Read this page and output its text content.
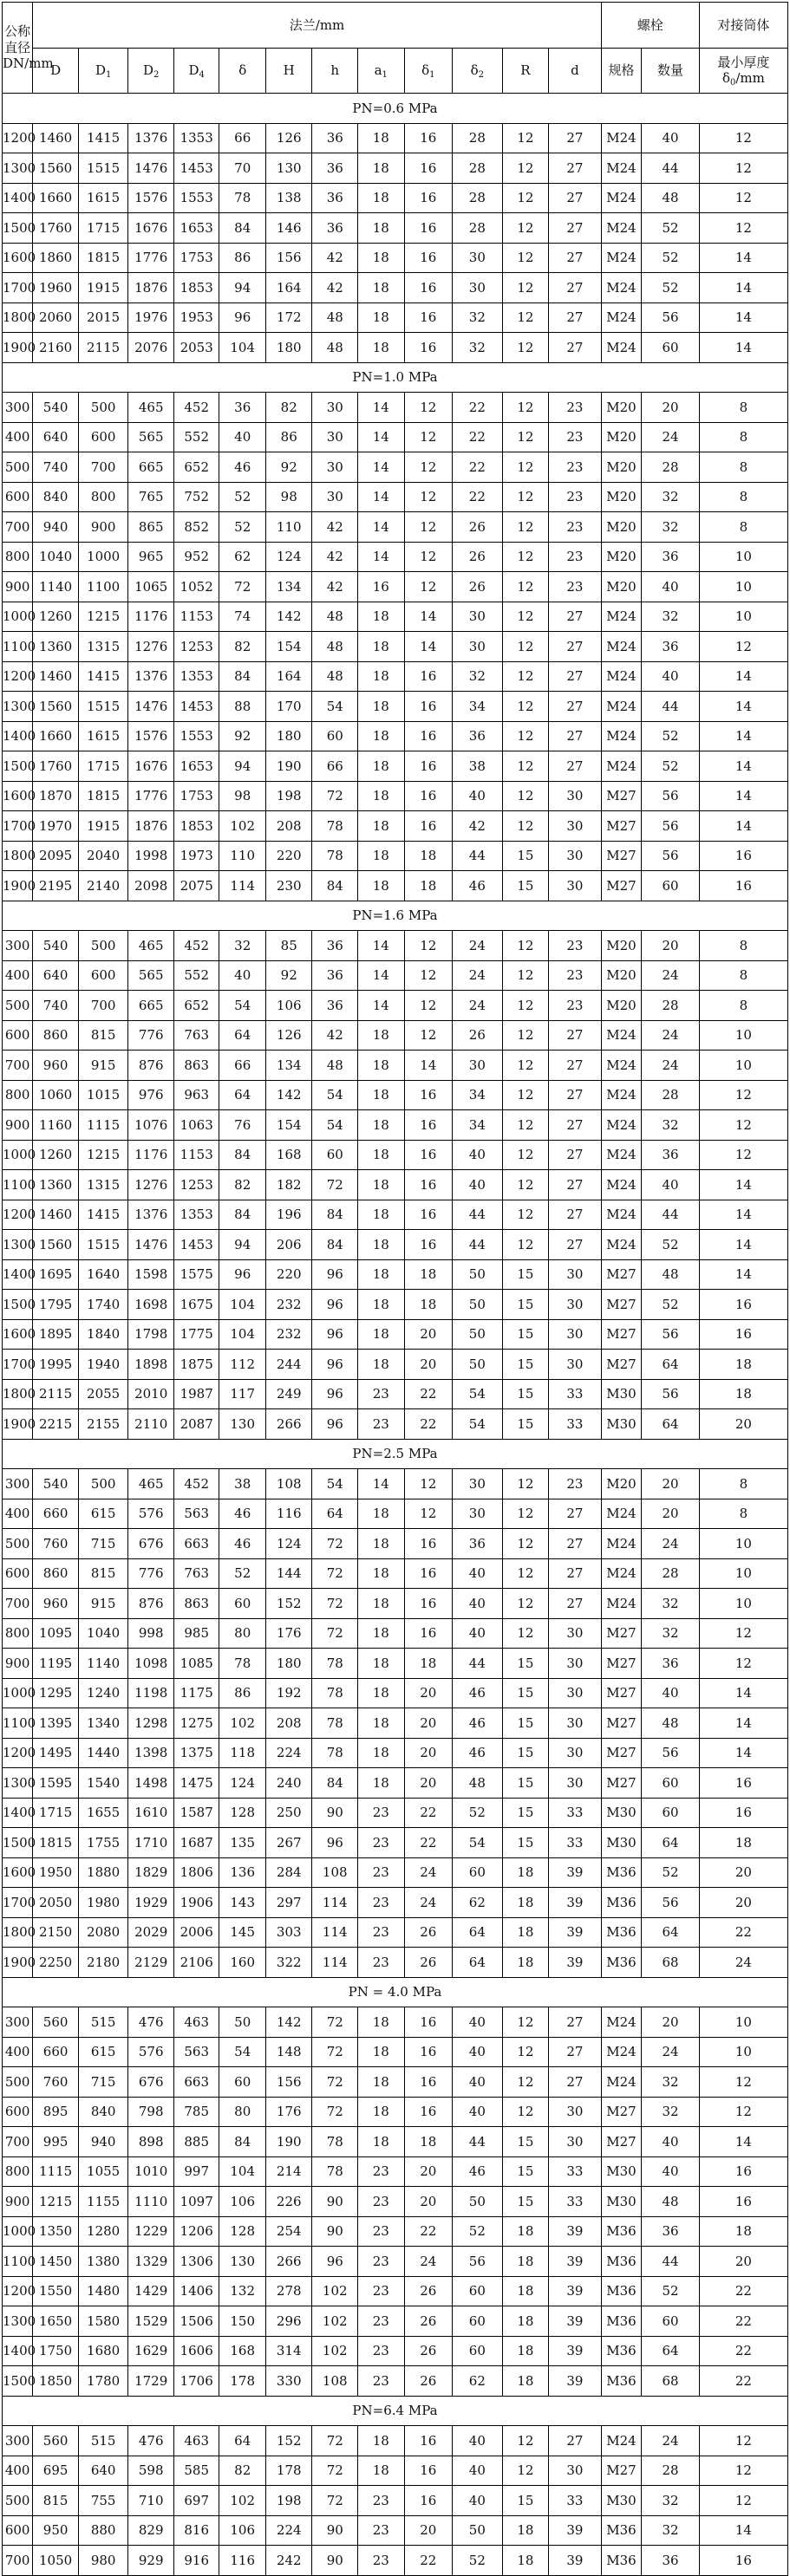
公称直径DN/mm	法兰/mm												螺栓		对接筒体
	D	$D_1$	$D_2$	$D_4$	δ	H	h	$a_1$	$\delta_1$	$\delta_2$	R	d	规格	数量	最小厚度
$\delta_0/mm$
PN=0.6 MPa															
1200	1460	1415	1376	1353	66	126	36	18	16	28	12	27	M24	40	12
1300	1560	1515	1476	1453	70	130	36	18	16	28	12	27	M24	44	12
1400	1660	1615	1576	1553	78	138	36	18	16	28	12	27	M24	48	12
1500	1760	1715	1676	1653	84	146	36	18	16	28	12	27	M24	52	12
1600	1860	1815	1776	1753	86	156	42	18	16	30	12	27	M24	52	14
1700	1960	1915	1876	1853	94	164	42	18	16	30	12	27	M24	52	14
1800	2060	2015	1976	1953	96	172	48	18	16	32	12	27	M24	56	14
1900	2160	2115	2076	2053	104	180	48	18	16	32	12	27	M24	60	14
PN=1.0 MPa															
300	540	500	465	452	36	82	30	14	12	22	12	23	M20	20	8
400	640	600	565	552	40	86	30	14	12	22	12	23	M20	24	8
500	740	700	665	652	46	92	30	14	12	22	12	23	M20	28	8
600	840	800	765	752	52	98	30	14	12	22	12	23	M20	32	8
700	940	900	865	852	52	110	42	14	12	26	12	23	M20	32	8
800	1040	1000	965	952	62	124	42	14	12	26	12	23	M20	36	10
900	1140	1100	1065	1052	72	134	42	16	12	26	12	23	M20	40	10
1000	1260	1215	1176	1153	74	142	48	18	14	30	12	27	M24	32	10
1100	1360	1315	1276	1253	82	154	48	18	14	30	12	27	M24	36	12
1200	1460	1415	1376	1353	84	164	48	18	16	32	12	27	M24	40	14
1300	1560	1515	1476	1453	88	170	54	18	16	34	12	27	M24	44	14
1400	1660	1615	1576	1553	92	180	60	18	16	36	12	27	M24	52	14
1500	1760	1715	1676	1653	94	190	66	18	16	38	12	27	M24	52	14
1600	1870	1815	1776	1753	98	198	72	18	16	40	12	30	M27	56	14
1700	1970	1915	1876	1853	102	208	78	18	16	42	12	30	M27	56	14
1800	2095	2040	1998	1973	110	220	78	18	18	44	15	30	M27	56	16
1900	2195	2140	2098	2075	114	230	84	18	18	46	15	30	M27	60	16
PN=1.6 MPa															
300	540	500	465	452	32	85	36	14	12	24	12	23	M20	20	8
400	640	600	565	552	40	92	36	14	12	24	12	23	M20	24	8
500	740	700	665	652	54	106	36	14	12	24	12	23	M20	28	8
600	860	815	776	763	64	126	42	18	12	26	12	27	M24	24	10
700	960	915	876	863	66	134	48	18	14	30	12	27	M24	24	10
800	1060	1015	976	963	64	142	54	18	16	34	12	27	M24	28	12
900	1160	1115	1076	1063	76	154	54	18	16	34	12	27	M24	32	12
1000	1260	1215	1176	1153	84	168	60	18	16	40	12	27	M24	36	12
1100	1360	1315	1276	1253	82	182	72	18	16	40	12	27	M24	40	14
1200	1460	1415	1376	1353	84	196	84	18	16	44	12	27	M24	44	14
1300	1560	1515	1476	1453	94	206	84	18	16	44	12	27	M24	52	14
1400	1695	1640	1598	1575	96	220	96	18	18	50	15	30	M27	48	14
1500	1795	1740	1698	1675	104	232	96	18	18	50	15	30	M27	52	16
1600	1895	1840	1798	1775	104	232	96	18	20	50	15	30	M27	56	16
1700	1995	1940	1898	1875	112	244	96	18	20	50	15	30	M27	64	18
1800	2115	2055	2010	1987	117	249	96	23	22	54	15	33	M30	56	18
1900	2215	2155	2110	2087	130	266	96	23	22	54	15	33	M30	64	20
PN=2.5 MPa															
300	540	500	465	452	38	108	54	14	12	30	12	23	M20	20	8
400	660	615	576	563	46	116	64	18	12	30	12	27	M24	20	8
500	760	715	676	663	46	124	72	18	16	36	12	27	M24	24	10
600	860	815	776	763	52	144	72	18	16	40	12	27	M24	28	10
700	960	915	876	863	60	152	72	18	16	40	12	27	M24	32	10
800	1095	1040	998	985	80	176	72	18	16	40	12	30	M27	32	12
900	1195	1140	1098	1085	78	180	78	18	18	44	15	30	M27	36	12
1000	1295	1240	1198	1175	86	192	78	18	20	46	15	30	M27	40	14
1100	1395	1340	1298	1275	102	208	78	18	20	46	15	30	M27	48	14
1200	1495	1440	1398	1375	118	224	78	18	20	46	15	30	M27	56	14
1300	1595	1540	1498	1475	124	240	84	18	20	48	15	30	M27	60	16
1400	1715	1655	1610	1587	128	250	90	23	22	52	15	33	M30	60	16
1500	1815	1755	1710	1687	135	267	96	23	22	54	15	33	M30	64	18
1600	1950	1880	1829	1806	136	284	108	23	24	60	18	39	M36	52	20
1700	2050	1980	1929	1906	143	297	114	23	24	62	18	39	M36	56	20
1800	2150	2080	2029	2006	145	303	114	23	26	64	18	39	M36	64	22
1900	2250	2180	2129	2106	160	322	114	23	26	64	18	39	M36	68	24
PN = 4.0 MPa															
300	560	515	476	463	50	142	72	18	16	40	12	27	M24	20	10
400	660	615	576	563	54	148	72	18	16	40	12	27	M24	24	10
500	760	715	676	663	60	156	72	18	16	40	12	27	M24	32	12
600	895	840	798	785	80	176	72	18	16	40	12	30	M27	32	12
700	995	940	898	885	84	190	78	18	18	44	15	30	M27	40	14
800	1115	1055	1010	997	104	214	78	23	20	46	15	33	M30	40	16
900	1215	1155	1110	1097	106	226	90	23	20	50	15	33	M30	48	16
1000	1350	1280	1229	1206	128	254	90	23	22	52	18	39	M36	36	18
1100	1450	1380	1329	1306	130	266	96	23	24	56	18	39	M36	44	20
1200	1550	1480	1429	1406	132	278	102	23	26	60	18	39	M36	52	22
1300	1650	1580	1529	1506	150	296	102	23	26	60	18	39	M36	60	22
1400	1750	1680	1629	1606	168	314	102	23	26	60	18	39	M36	64	22
1500	1850	1780	1729	1706	178	330	108	23	26	62	18	39	M36	68	22
PN=6.4 MPa															
300	560	515	476	463	64	152	72	18	16	40	12	27	M24	24	12
400	695	640	598	585	82	178	72	18	16	40	12	30	M27	28	12
500	815	755	710	697	102	198	72	23	16	40	15	33	M30	32	12
600	950	880	829	816	106	224	90	23	20	50	18	39	M36	32	14
700	1050	980	929	916	116	242	90	23	22	52	18	39	M36	36	16
